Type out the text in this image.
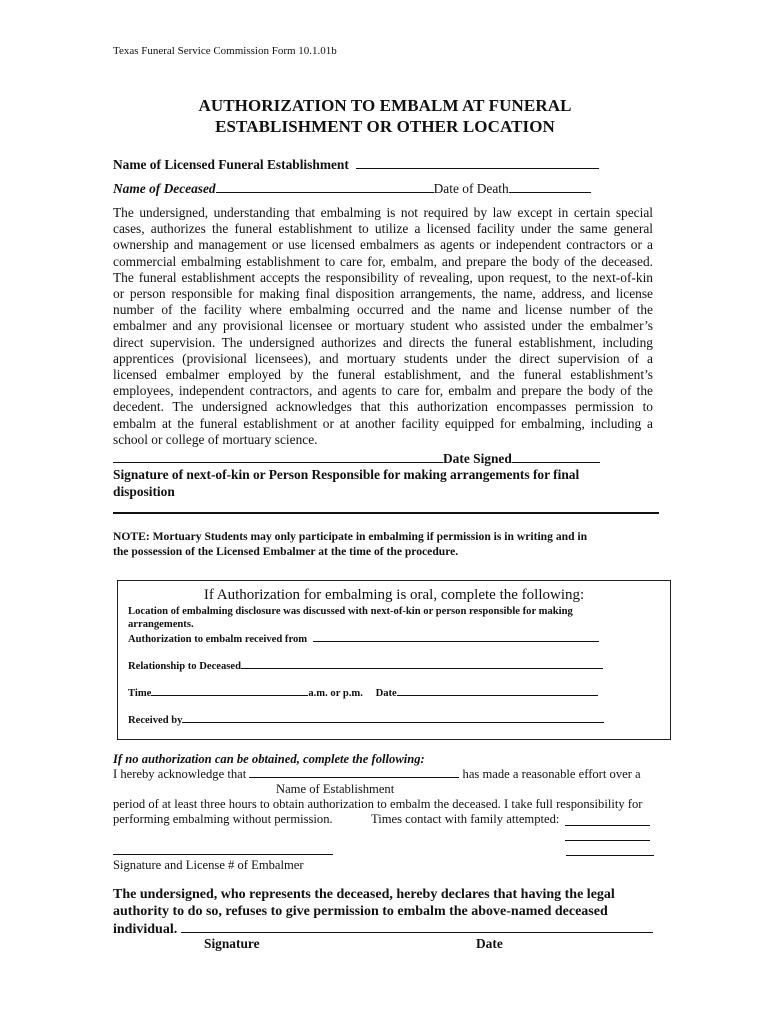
Texas Funeral Service Commission Form 10.1.01b
AUTHORIZATION TO EMBALM AT FUNERAL
ESTABLISHMENT OR OTHER LOCATION
Name of Licensed Funeral Establishment
Name of Deceased	Date of Death
The undersigned, understanding that embalming is not required by law except in certain special
cases, authorizes the funeral establishment to utilize a licensed facility under the same general
ownership and management or use licensed embalmers as agents or independent contractors or a
commercial embalming establishment to care for, embalm, and prepare the body of the deceased.
The funeral establishment accepts the responsibility of revealing, upon request, to the next-of-kin
or person responsible for making final disposition arrangements, the name, address, and license
number of the facility where embalming occurred and the name and license number of the
embalmer and any provisional licensee or mortuary student who assisted under the embalmer’s
direct supervision. The undersigned authorizes and directs the funeral establishment, including
apprentices (provisional licensees), and mortuary students under the direct supervision of a
licensed embalmer employed by the funeral establishment, and the funeral establishment’s
employees, independent contractors, and agents to care for, embalm and prepare the body of the
decedent. The undersigned acknowledges that this authorization encompasses permission to
embalm at the funeral establishment or at another facility equipped for embalming, including a
school or college of mortuary science.
Date Signed
Signature of next-of-kin or Person Responsible for making arrangements for final
disposition
NOTE: Mortuary Students may only participate in embalming if permission is in writing and in
the possession of the Licensed Embalmer at the time of the procedure.
If Authorization for embalming is oral, complete the following:
Location of embalming disclosure was discussed with next-of-kin or person responsible for making
arrangements.
Authorization to embalm received from
Relationship to Deceased
Time	a.m. or p.m. Date
Received by
If no authorization can be obtained, complete the following:
I hereby acknowledge that	has made a reasonable effort over a
Name of Establishment
period of at least three hours to obtain authorization to embalm the deceased. I take full responsibility for
performing embalming without permission.	Times contact with family attempted:
Signature and License # of Embalmer
The undersigned, who represents the deceased, hereby declares that having the legal
authority to do so, refuses to give permission to embalm the above-named deceased
individual.
Signature	Date
